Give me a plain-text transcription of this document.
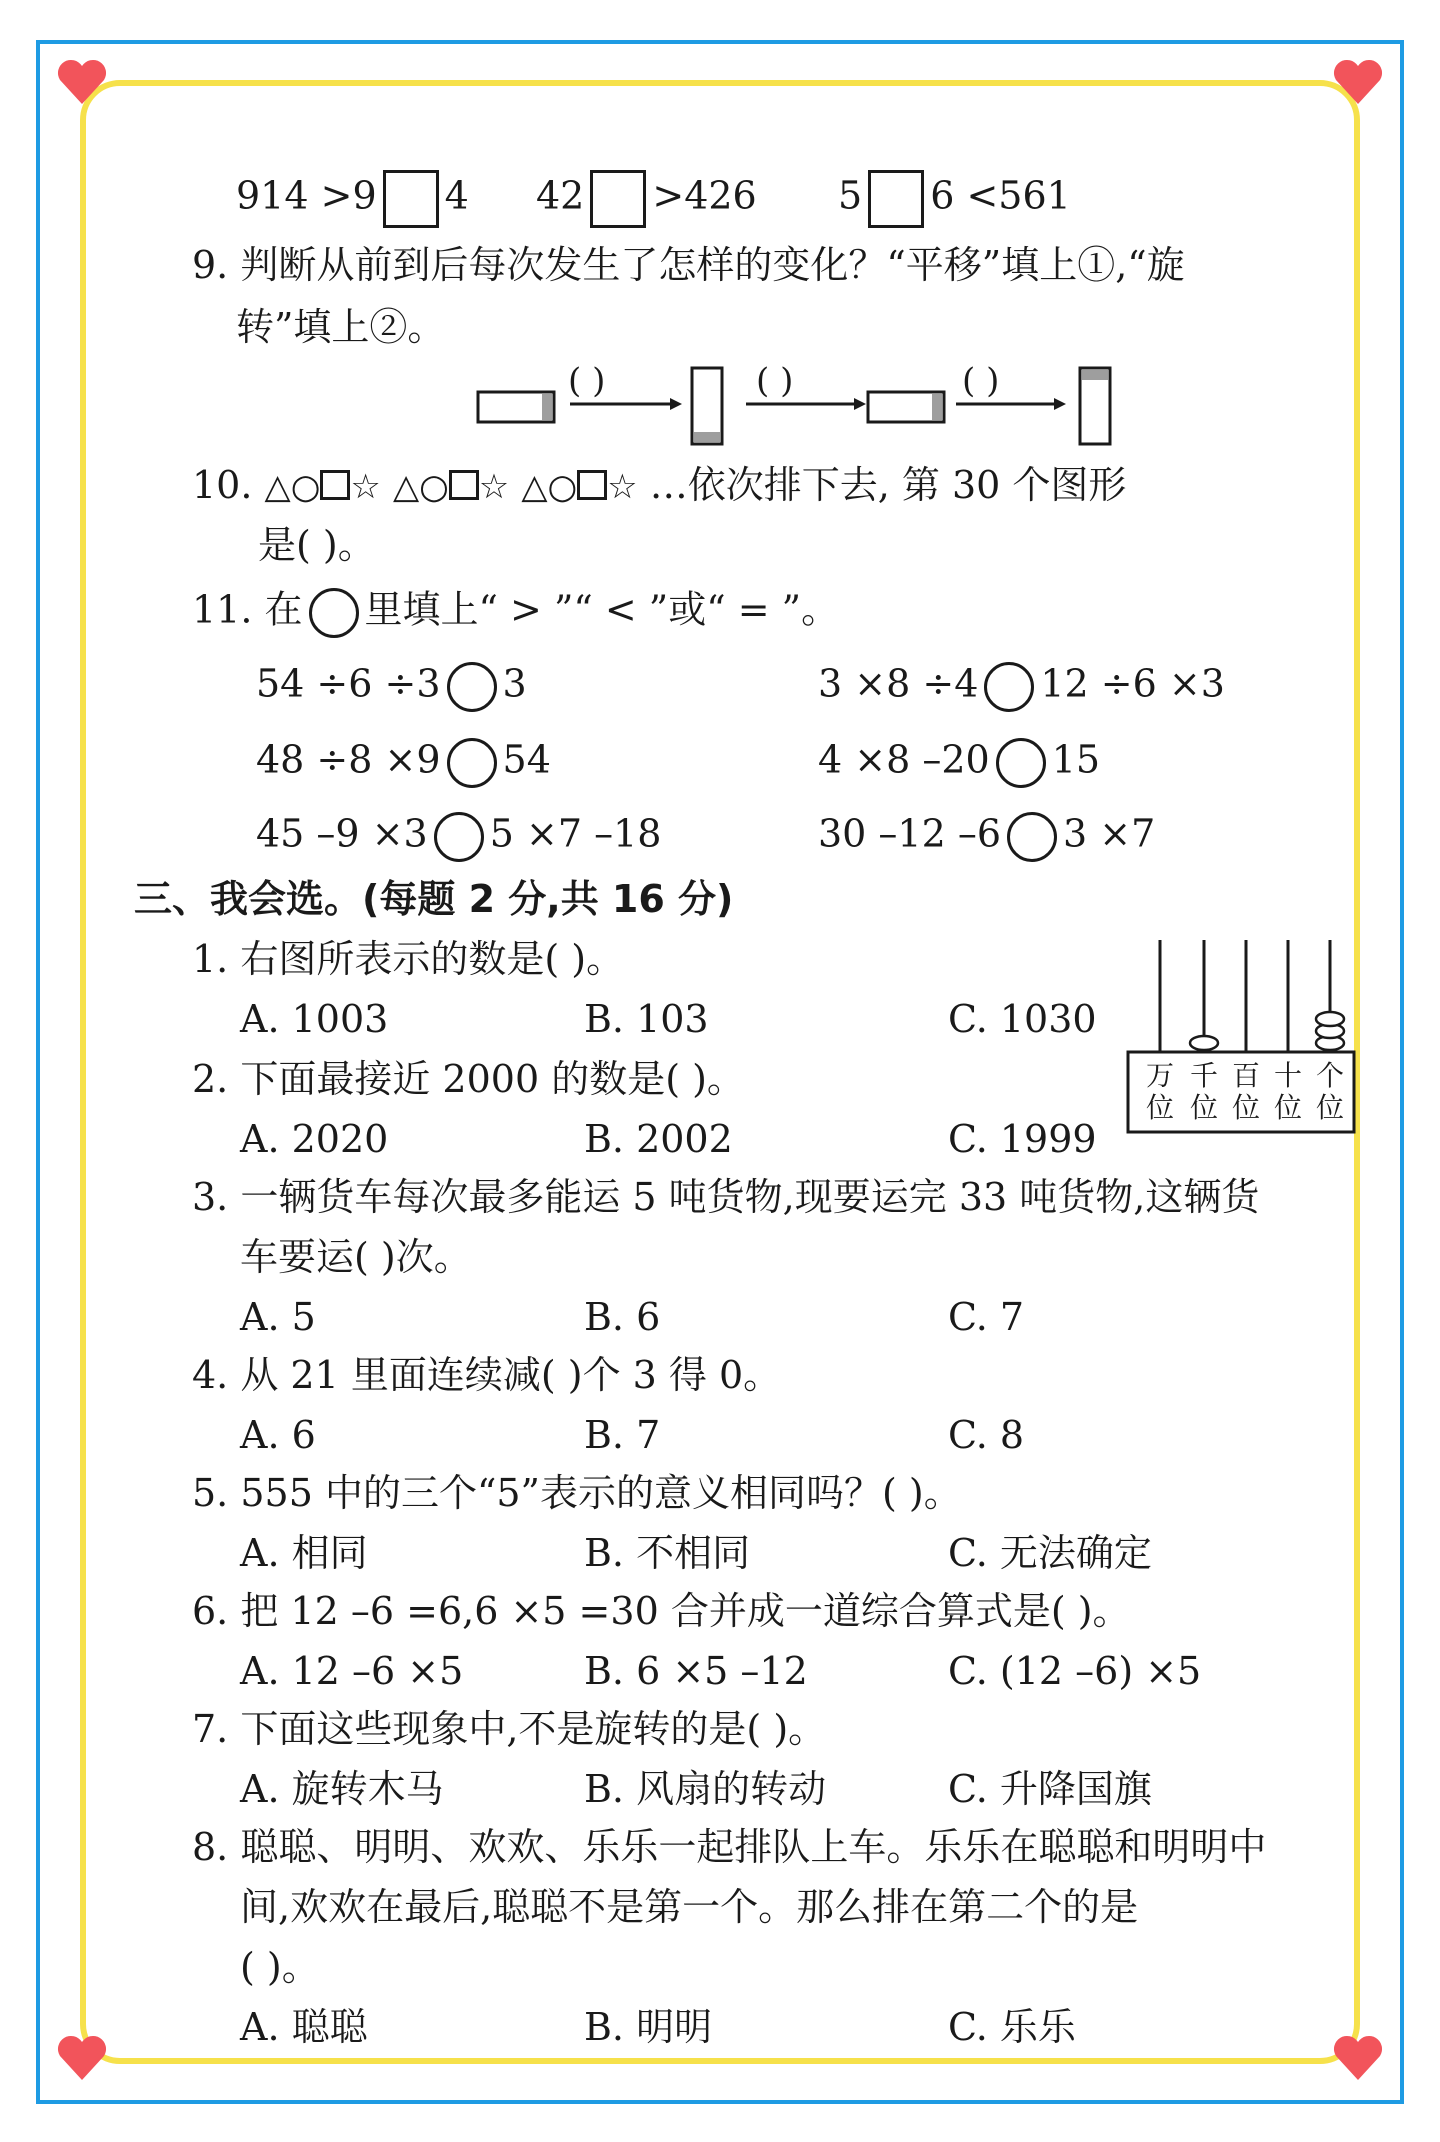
914 >9 4 42 >426 5 6 <561
9. 判断从前到后每次发生了怎样的变化？“平移”填上①,“旋
转”填上②。
( )	( )	( )
10. △○☆ △○☆ △○☆ …依次排下去, 第 30 个图形
是( )。
11. 在 里填上“ > ”“ < ”或“ = ”。
54 ÷6 ÷3 3	3 ×8 ÷4 12 ÷6 ×3
48 ÷8 ×9 54	4 ×8 –20 15
45 –9 ×3 5 ×7 –18	30 –12 –6 3 ×7
三、我会选。(每题 2 分,共 16 分)
1. 右图所表示的数是( )。
A. 1003	B. 103	C. 1030
万
位
千
位
百
位
十
位
个
位
2. 下面最接近 2000 的数是( )。
A. 2020	B. 2002	C. 1999
3. 一辆货车每次最多能运 5 吨货物,现要运完 33 吨货物,这辆货
车要运( )次。
A. 5	B. 6	C. 7
4. 从 21 里面连续减( )个 3 得 0。
A. 6	B. 7	C. 8
5. 555 中的三个“5”表示的意义相同吗？( )。
A. 相同	B. 不相同	C. 无法确定
6. 把 12 –6 =6,6 ×5 =30 合并成一道综合算式是( )。
A. 12 –6 ×5	B. 6 ×5 –12	C. (12 –6) ×5
7. 下面这些现象中,不是旋转的是( )。
A. 旋转木马	B. 风扇的转动	C. 升降国旗
8. 聪聪、明明、欢欢、乐乐一起排队上车。乐乐在聪聪和明明中
间,欢欢在最后,聪聪不是第一个。那么排在第二个的是
( )。
A. 聪聪	B. 明明	C. 乐乐
